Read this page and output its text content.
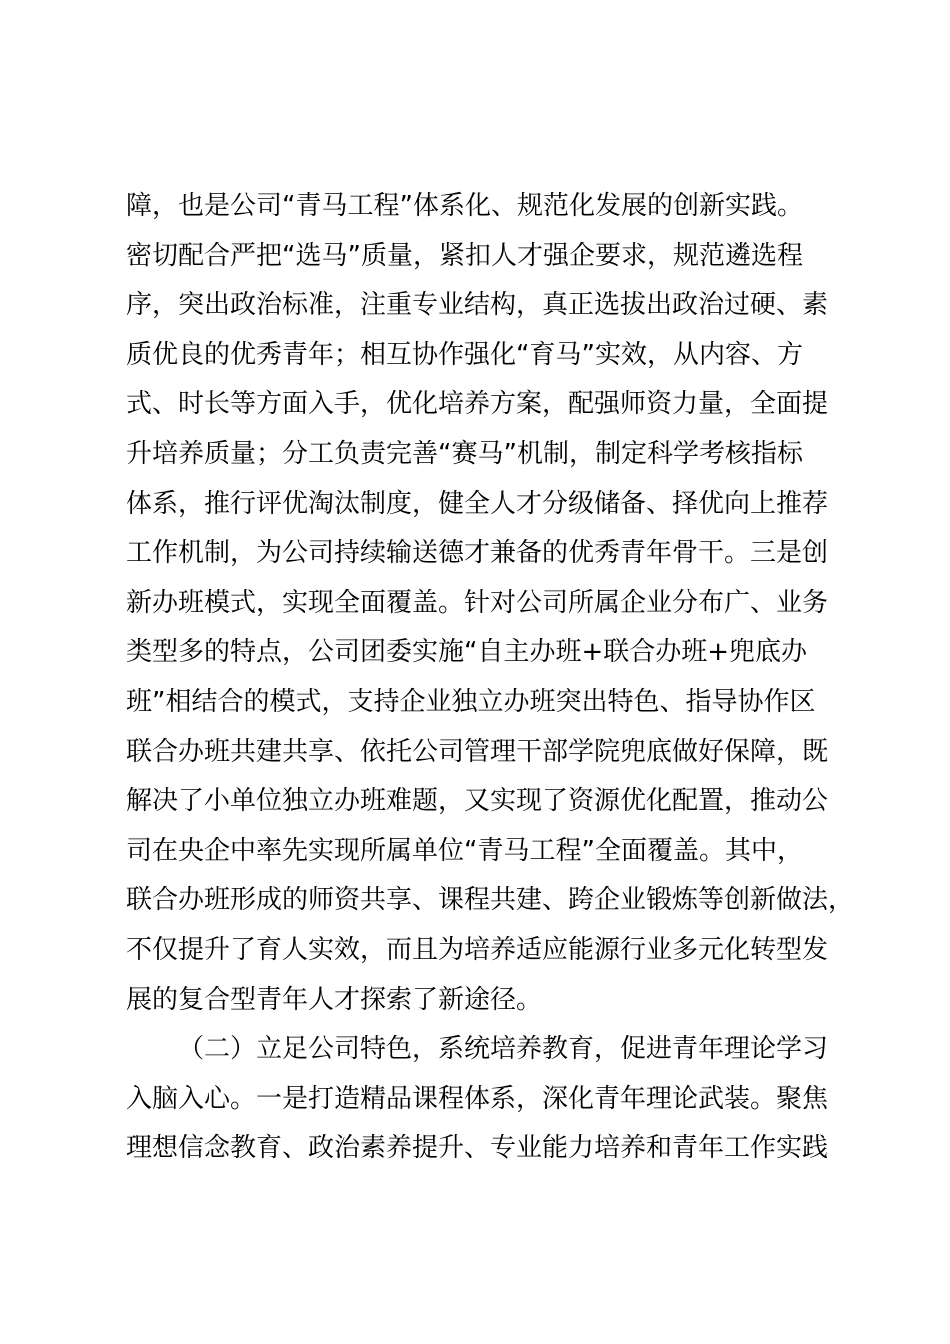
障，也是公司“青马工程”体系化、规范化发展的创新实践。
密切配合严把“选马”质量，紧扣人才强企要求，规范遴选程
序，突出政治标准，注重专业结构，真正选拔出政治过硬、素
质优良的优秀青年；相互协作强化“育马”实效，从内容、方
式、时长等方面入手，优化培养方案，配强师资力量，全面提
升培养质量；分工负责完善“赛马”机制，制定科学考核指标
体系，推行评优淘汰制度，健全人才分级储备、择优向上推荐
工作机制，为公司持续输送德才兼备的优秀青年骨干。三是创
新办班模式，实现全面覆盖。针对公司所属企业分布广、业务
类型多的特点，公司团委实施“自主办班+联合办班+兜底办
班”相结合的模式，支持企业独立办班突出特色、指导协作区
联合办班共建共享、依托公司管理干部学院兜底做好保障，既
解决了小单位独立办班难题，又实现了资源优化配置，推动公
司在央企中率先实现所属单位“青马工程”全面覆盖。其中，
联合办班形成的师资共享、课程共建、跨企业锻炼等创新做法，
不仅提升了育人实效，而且为培养适应能源行业多元化转型发
展的复合型青年人才探索了新途径。
（二）立足公司特色，系统培养教育，促进青年理论学习
入脑入心。一是打造精品课程体系，深化青年理论武装。聚焦
理想信念教育、政治素养提升、专业能力培养和青年工作实践
